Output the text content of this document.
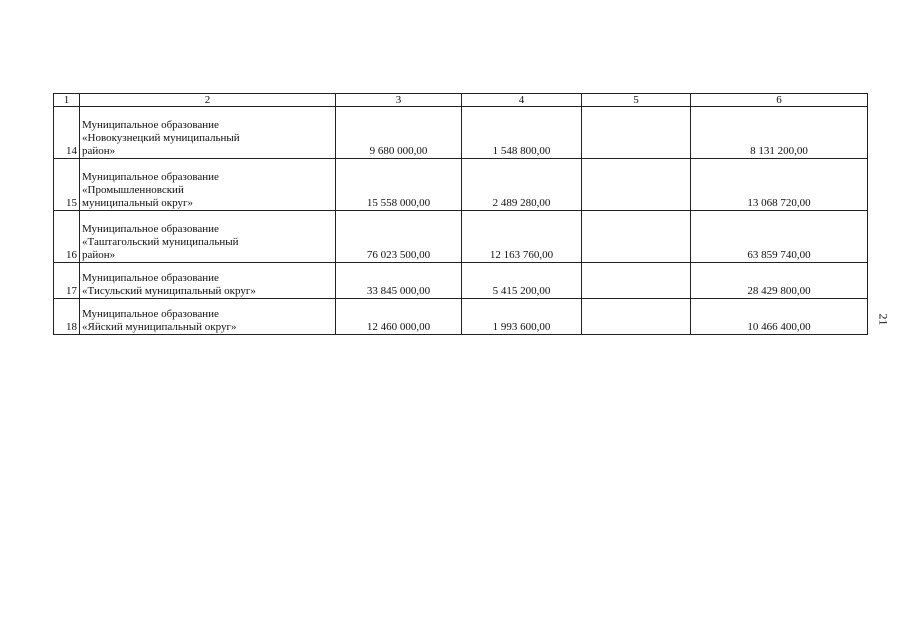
1	2	3	4	5	6
14	Муниципальное образование
«Новокузнецкий муниципальный
район»	9 680 000,00	1 548 800,00		8 131 200,00
15	Муниципальное образование
«Промышленновский
муниципальный округ»	15 558 000,00	2 489 280,00		13 068 720,00
16	Муниципальное образование
«Таштагольский муниципальный
район»	76 023 500,00	12 163 760,00		63 859 740,00
17	Муниципальное образование
«Тисульский муниципальный округ»	33 845 000,00	5 415 200,00		28 429 800,00
18	Муниципальное образование
«Яйский муниципальный округ»	12 460 000,00	1 993 600,00		10 466 400,00
21
